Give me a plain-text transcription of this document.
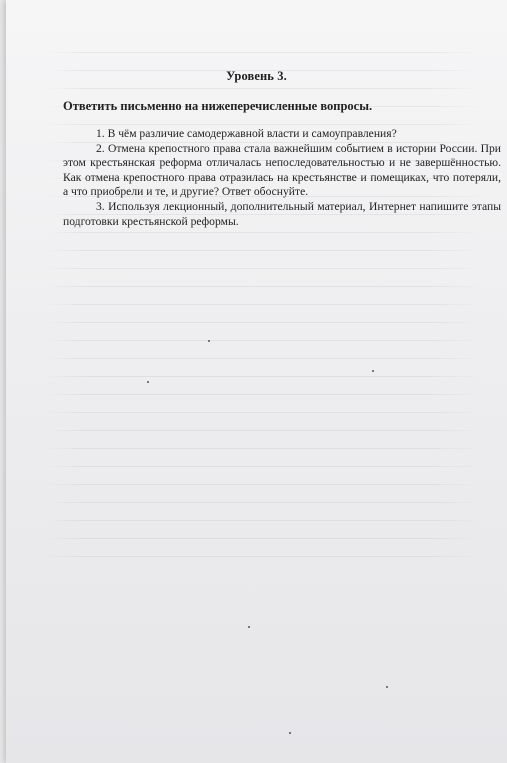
Уровень 3.
Ответить письменно на нижеперечисленные вопросы.

1. В чём различие самодержавной власти и самоуправления?

2. Отмена крепостного права стала важнейшим событием в истории России. При этом крестьянская реформа отличалась непоследовательностью и не завершённостью. Как отмена крепостного права отразилась на крестьянстве и помещиках, что потеряли, а что приобрели и те, и другие? Ответ обоснуйте.

3. Используя лекционный, дополнительный материал, Интернет напишите этапы подготовки крестьянской реформы.
